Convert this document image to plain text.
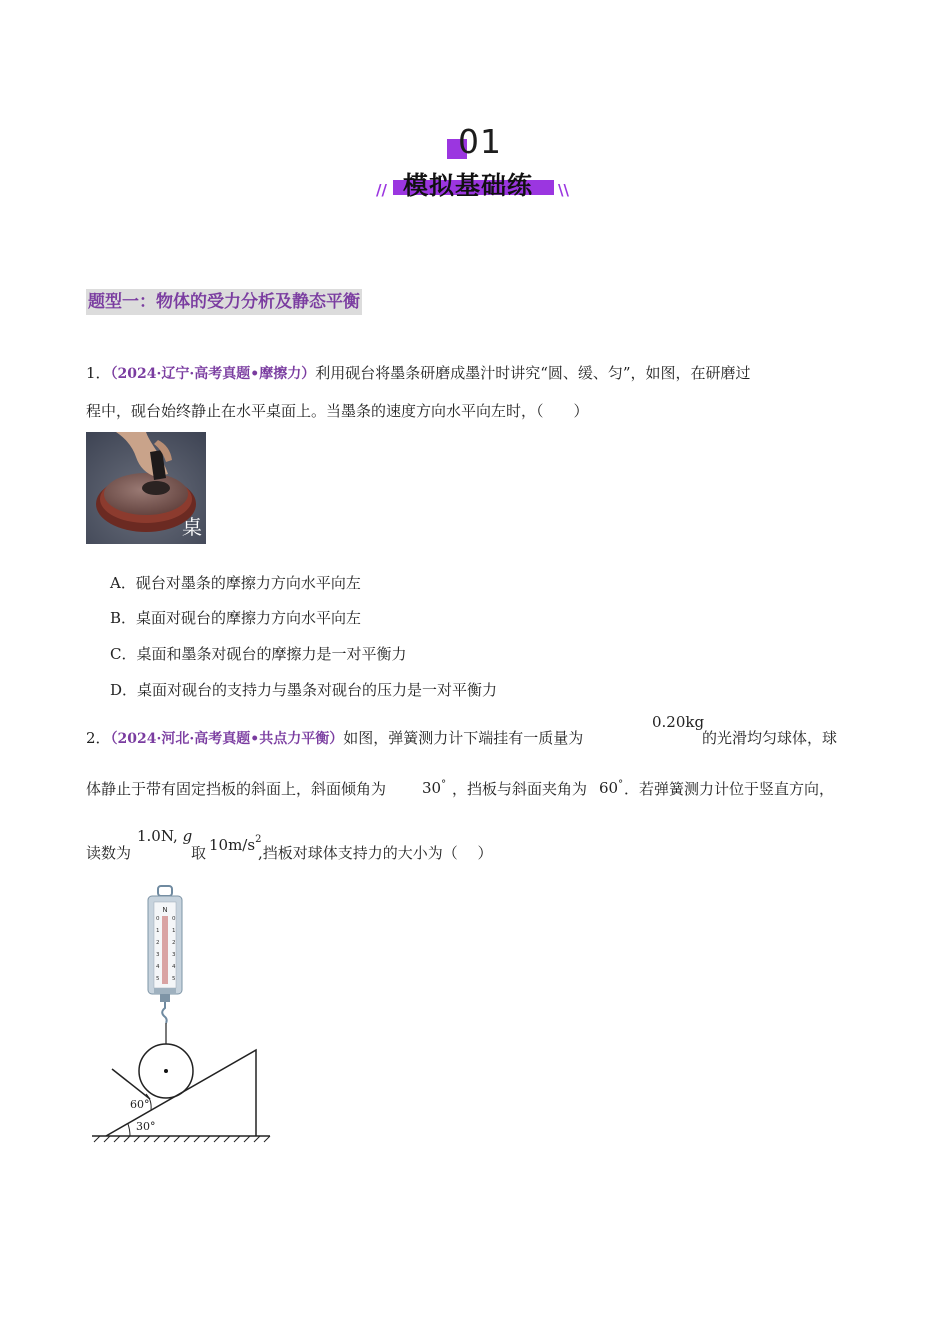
01
模拟基础练
//	\\
题型一：物体的受力分析及静态平衡
1．（2024·辽宁·高考真题•摩擦力）利用砚台将墨条研磨成墨汁时讲究“圆、缓、匀”，如图，在研磨过
程中，砚台始终静止在水平桌面上。当墨条的速度方向水平向左时，（　　）
桌
A．砚台对墨条的摩擦力方向水平向左
B．桌面对砚台的摩擦力方向水平向左
C．桌面和墨条对砚台的摩擦力是一对平衡力
D．桌面对砚台的支持力与墨条对砚台的压力是一对平衡力
2．（2024·河北·高考真题•共点力平衡）如图，弹簧测力计下端挂有一质量为
0.20kg
的光滑均匀球体，球
体静止于带有固定挡板的斜面上，斜面倾角为 30° ，挡板与斜面夹角为 60° ．若弹簧测力计位于竖直方向，
读数为
1.0N, g
取 $10m/s^2$
,挡板对球体支持力的大小为（　 ）
N
0 0
1 1
2 2
3 3
4 4
5 5
60°
30°
